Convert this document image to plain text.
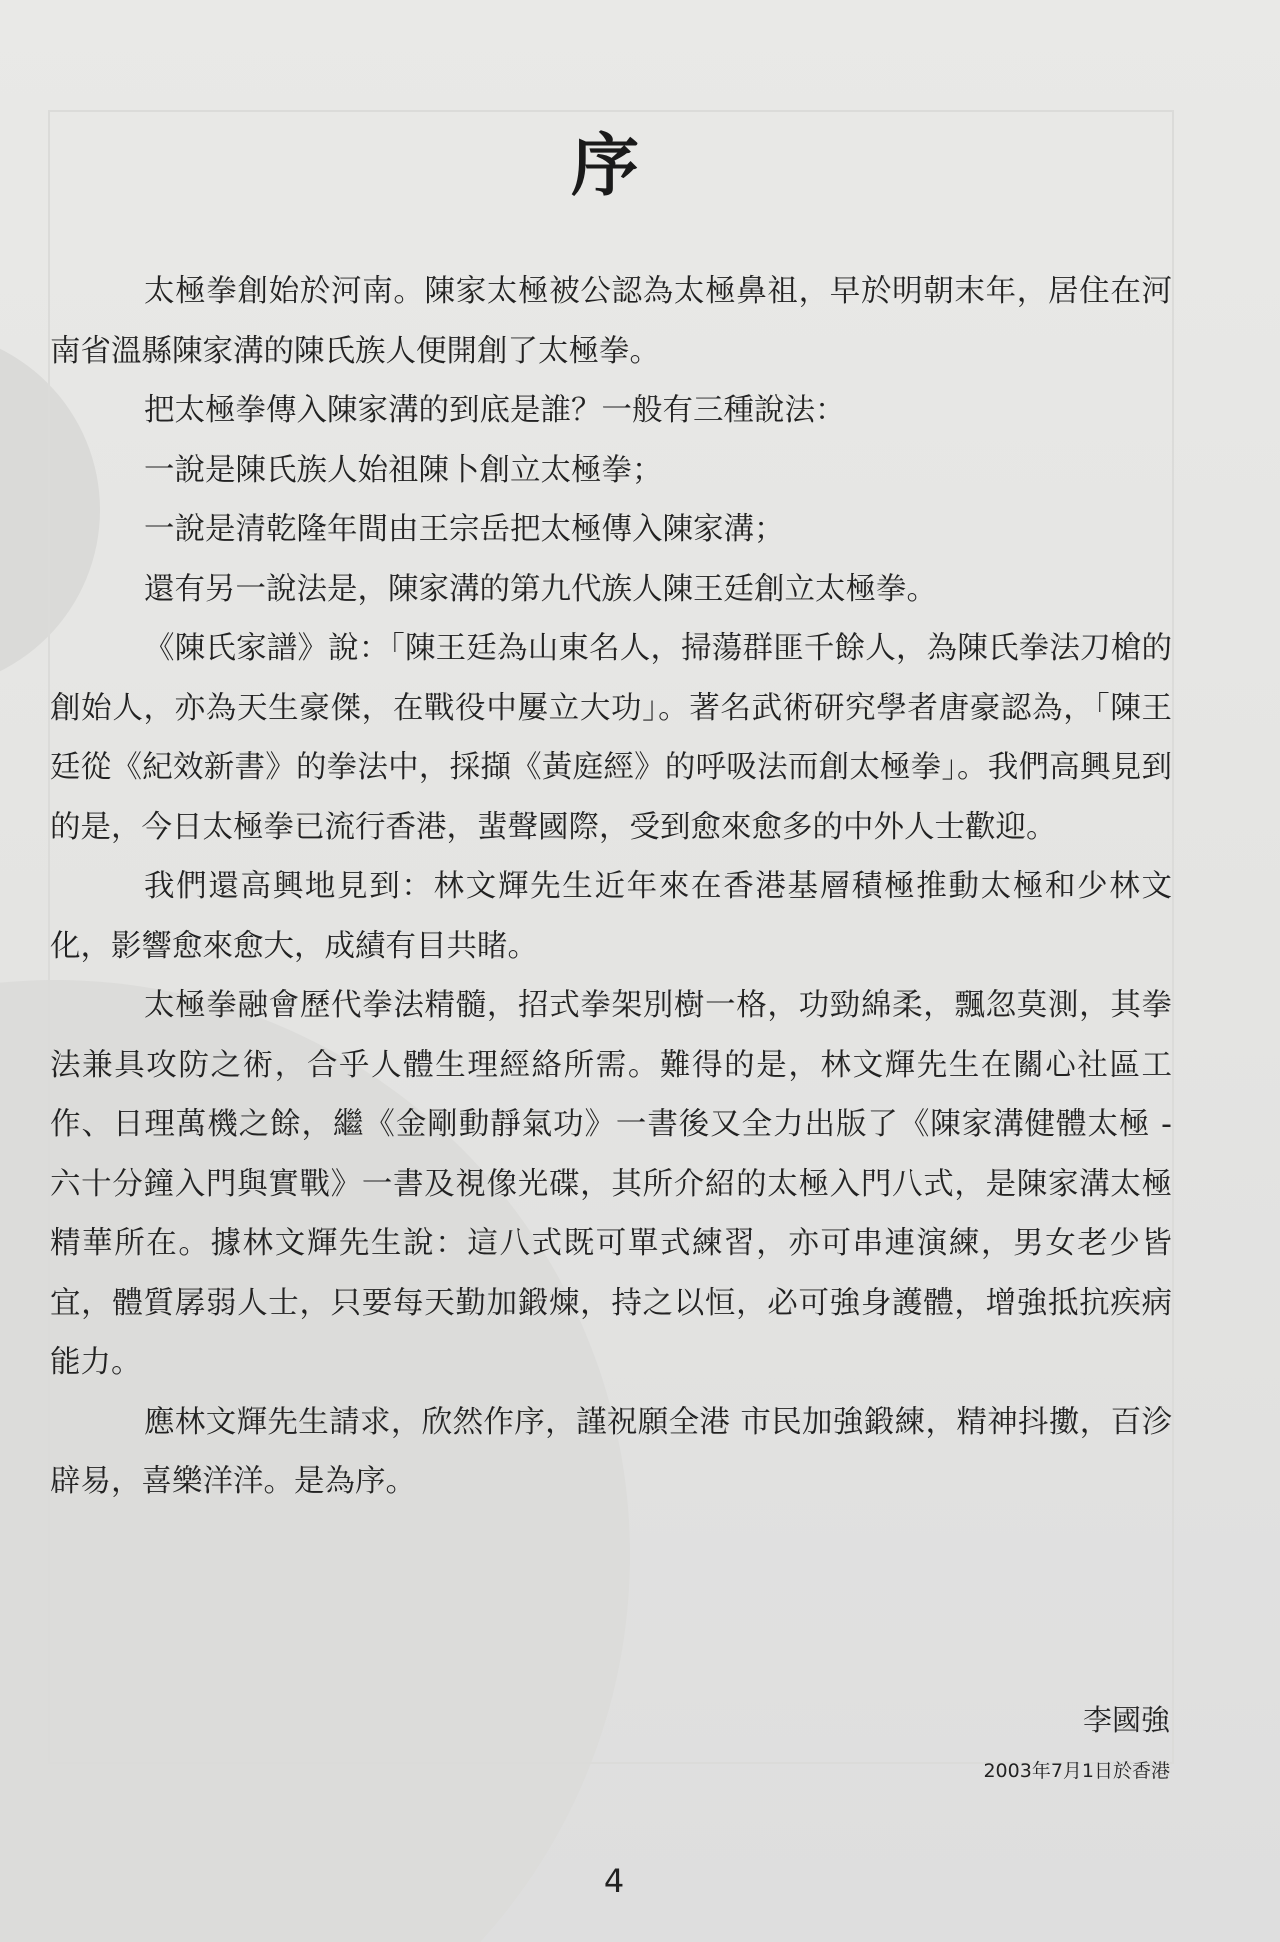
序

太極拳創始於河南。陳家太極被公認為太極鼻祖，早於明朝末年，居住在河南省溫縣陳家溝的陳氏族人便開創了太極拳。

把太極拳傳入陳家溝的到底是誰？一般有三種說法：

一說是陳氏族人始祖陳卜創立太極拳；

一說是清乾隆年間由王宗岳把太極傳入陳家溝；

還有另一說法是，陳家溝的第九代族人陳王廷創立太極拳。

《陳氏家譜》說：「陳王廷為山東名人，掃蕩群匪千餘人，為陳氏拳法刀槍的創始人，亦為天生豪傑，在戰役中屢立大功」。著名武術研究學者唐豪認為，「陳王廷從《紀效新書》的拳法中，採擷《黃庭經》的呼吸法而創太極拳」。我們高興見到的是，今日太極拳已流行香港，蜚聲國際，受到愈來愈多的中外人士歡迎。

我們還高興地見到：林文輝先生近年來在香港基層積極推動太極和少林文化，影響愈來愈大，成績有目共睹。

太極拳融會歷代拳法精髓，招式拳架別樹一格，功勁綿柔，飄忽莫測，其拳法兼具攻防之術，合乎人體生理經絡所需。難得的是，林文輝先生在關心社區工作、日理萬機之餘，繼《金剛動靜氣功》一書後又全力出版了《陳家溝健體太極 - 六十分鐘入門與實戰》一書及視像光碟，其所介紹的太極入門八式，是陳家溝太極精華所在。據林文輝先生說：這八式既可單式練習，亦可串連演練，男女老少皆宜，體質孱弱人士，只要每天勤加鍛煉，持之以恒，必可強身護體，增強抵抗疾病能力。

應林文輝先生請求，欣然作序，謹祝願全港 市民加強鍛練，精神抖擻，百沴辟易，喜樂洋洋。是為序。

李國強
2003年7月1日於香港
4
